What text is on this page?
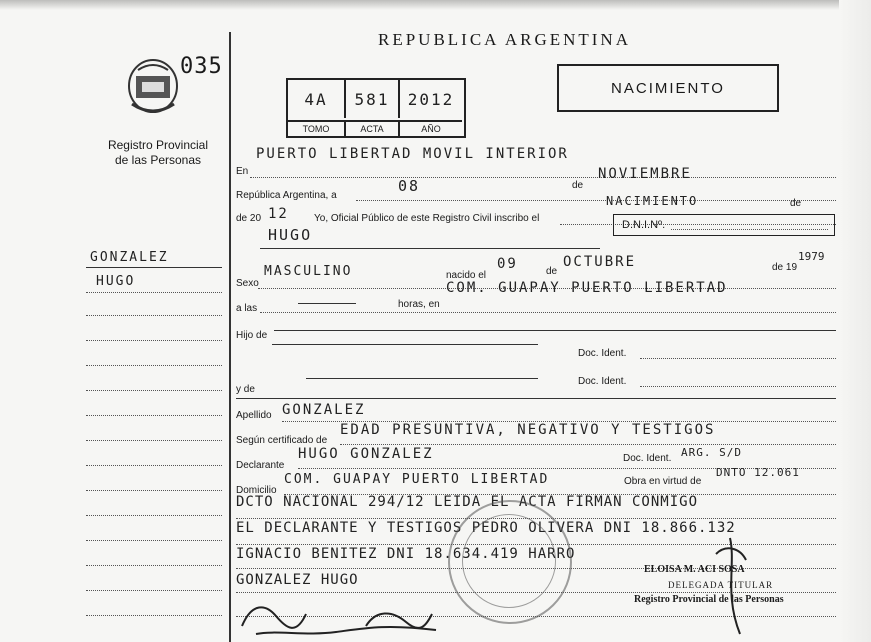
035
Registro Provincial
de las Personas
GONZALEZ
HUGO
REPUBLICA ARGENTINA
4A	581	2012
TOMO	ACTA	AÑO
NACIMIENTO
En
PUERTO LIBERTAD MOVIL INTERIOR
República Argentina, a
08	de
NOVIEMBRE
de 20 12	Yo, Oficial Público de este Registro Civil inscribo el
NACIMIENTO	de
HUGO
D.N.I.Nº.
Sexo
MASCULINO	nacido el
09	de
OCTUBRE	de 19
1979
a las	horas, en
COM. GUAPAY PUERTO LIBERTAD
Hijo de
Doc. Ident.
y de
Doc. Ident.
Apellido GONZALEZ
Según certificado de
EDAD PRESUNTIVA, NEGATIVO Y TESTIGOS
Declarante
HUGO GONZALEZ	Doc. Ident. ARG. S/D
Domicilio
COM. GUAPAY PUERTO LIBERTAD	Obra en virtud de
DNTO 12.061
DCTO NACIONAL 294/12 LEIDA EL ACTA FIRMAN CONMIGO
EL DECLARANTE Y TESTIGOS PEDRO OLIVERA DNI 18.866.132
IGNACIO BENITEZ DNI 18.634.419 HARRO
GONZALEZ HUGO
ELOISA M. ACI SOSA
DELEGADA TITULAR
Registro Provincial de las Personas
